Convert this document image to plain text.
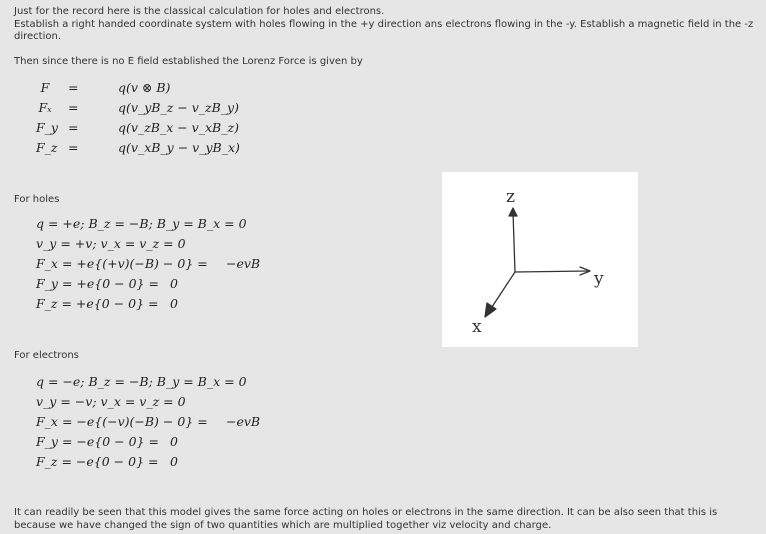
Just for the record here is the classical calculation for holes and electrons.

Establish a right handed coordinate system with holes flowing in the +y direction ans electrons flowing in the -y. Establish a magnetic field in the -z direction.

Then since there is no E field established the Lorenz Force is given by

F	=	q(v ⊗ B)
Fₓ =	q(v_yB_z − v_zB_y)
F_y =	q(v_zB_x − v_xB_z)
F_z =	q(v_xB_y − v_yB_x)

For holes

q = +e; B_z = −B; B_y = B_x = 0
v_y = +v; v_x = v_z = 0
F_x = +e{(+v)(−B) − 0} = −evB
F_y = +e{0 − 0} = 0
F_z = +e{0 − 0} = 0
z
y
x

For electrons

q = −e; B_z = −B; B_y = B_x = 0
v_y = −v; v_x = v_z = 0
F_x = −e{(−v)(−B) − 0} = −evB
F_y = −e{0 − 0} = 0
F_z = −e{0 − 0} = 0

It can readily be seen that this model gives the same force acting on holes or electrons in the same direction. It can be also seen that this is because we have changed the sign of two quantities which are multiplied together viz velocity and charge.
